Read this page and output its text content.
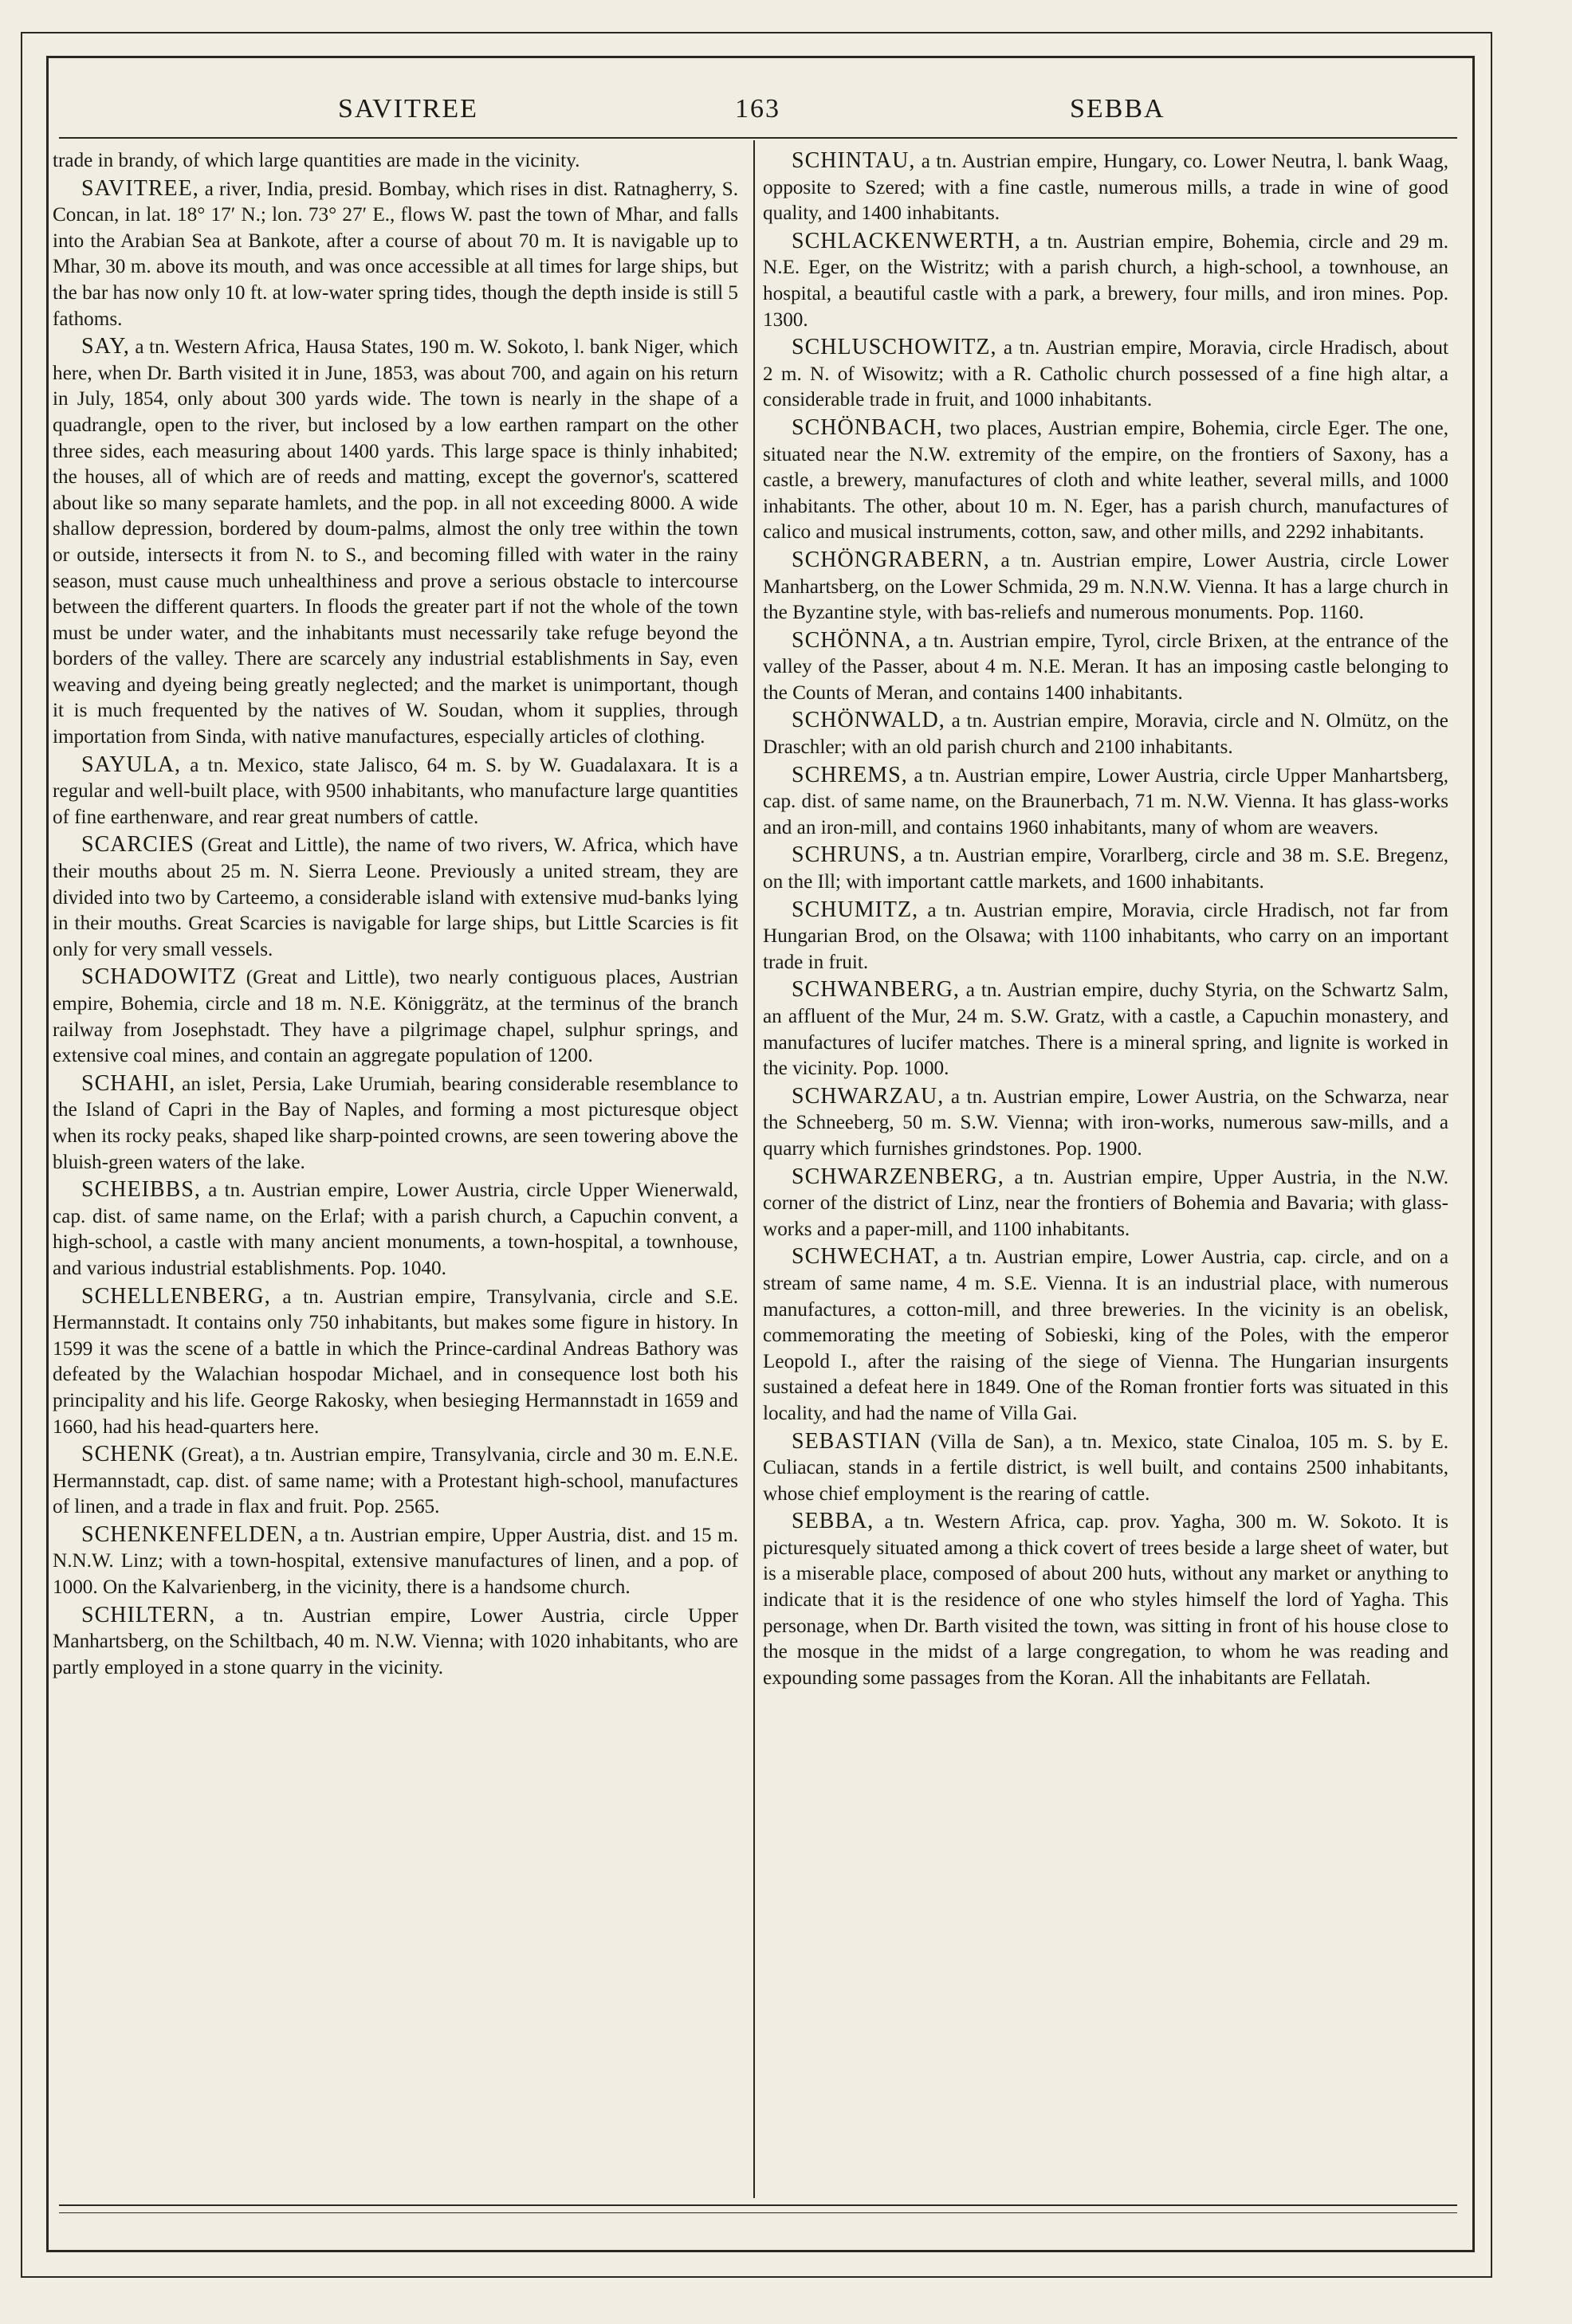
SAVITREE	163	SEBBA

trade in brandy, of which large quantities are made in the vicinity.

SAVITREE, a river, India, presid. Bombay, which rises in dist. Ratnagherry, S. Concan, in lat. 18° 17′ N.; lon. 73° 27′ E., flows W. past the town of Mhar, and falls into the Arabian Sea at Bankote, after a course of about 70 m. It is navigable up to Mhar, 30 m. above its mouth, and was once accessible at all times for large ships, but the bar has now only 10 ft. at low-water spring tides, though the depth inside is still 5 fathoms.

SAY, a tn. Western Africa, Hausa States, 190 m. W. Sokoto, l. bank Niger, which here, when Dr. Barth visited it in June, 1853, was about 700, and again on his return in July, 1854, only about 300 yards wide. The town is nearly in the shape of a quadrangle, open to the river, but inclosed by a low earthen rampart on the other three sides, each measuring about 1400 yards. This large space is thinly inhabited; the houses, all of which are of reeds and matting, except the governor's, scattered about like so many separate hamlets, and the pop. in all not exceeding 8000. A wide shallow depression, bordered by doum-palms, almost the only tree within the town or outside, intersects it from N. to S., and becoming filled with water in the rainy season, must cause much unhealthiness and prove a serious obstacle to intercourse between the different quarters. In floods the greater part if not the whole of the town must be under water, and the inhabitants must necessarily take refuge beyond the borders of the valley. There are scarcely any industrial establishments in Say, even weaving and dyeing being greatly neglected; and the market is unimportant, though it is much frequented by the natives of W. Soudan, whom it supplies, through importation from Sinda, with native manufactures, especially articles of clothing.

SAYULA, a tn. Mexico, state Jalisco, 64 m. S. by W. Guadalaxara. It is a regular and well-built place, with 9500 inhabitants, who manufacture large quantities of fine earthenware, and rear great numbers of cattle.

SCARCIES (Great and Little), the name of two rivers, W. Africa, which have their mouths about 25 m. N. Sierra Leone. Previously a united stream, they are divided into two by Carteemo, a considerable island with extensive mud-banks lying in their mouths. Great Scarcies is navigable for large ships, but Little Scarcies is fit only for very small vessels.

SCHADOWITZ (Great and Little), two nearly contiguous places, Austrian empire, Bohemia, circle and 18 m. N.E. Königgrätz, at the terminus of the branch railway from Josephstadt. They have a pilgrimage chapel, sulphur springs, and extensive coal mines, and contain an aggregate population of 1200.

SCHAHI, an islet, Persia, Lake Urumiah, bearing considerable resemblance to the Island of Capri in the Bay of Naples, and forming a most picturesque object when its rocky peaks, shaped like sharp-pointed crowns, are seen towering above the bluish-green waters of the lake.

SCHEIBBS, a tn. Austrian empire, Lower Austria, circle Upper Wienerwald, cap. dist. of same name, on the Erlaf; with a parish church, a Capuchin convent, a high-school, a castle with many ancient monuments, a town-hospital, a townhouse, and various industrial establishments. Pop. 1040.

SCHELLENBERG, a tn. Austrian empire, Transylvania, circle and S.E. Hermannstadt. It contains only 750 inhabitants, but makes some figure in history. In 1599 it was the scene of a battle in which the Prince-cardinal Andreas Bathory was defeated by the Walachian hospodar Michael, and in consequence lost both his principality and his life. George Rakosky, when besieging Hermannstadt in 1659 and 1660, had his head-quarters here.

SCHENK (Great), a tn. Austrian empire, Transylvania, circle and 30 m. E.N.E. Hermannstadt, cap. dist. of same name; with a Protestant high-school, manufactures of linen, and a trade in flax and fruit. Pop. 2565.

SCHENKENFELDEN, a tn. Austrian empire, Upper Austria, dist. and 15 m. N.N.W. Linz; with a town-hospital, extensive manufactures of linen, and a pop. of 1000. On the Kalvarienberg, in the vicinity, there is a handsome church.

SCHILTERN, a tn. Austrian empire, Lower Austria, circle Upper Manhartsberg, on the Schiltbach, 40 m. N.W. Vienna; with 1020 inhabitants, who are partly employed in a stone quarry in the vicinity.

SCHINTAU, a tn. Austrian empire, Hungary, co. Lower Neutra, l. bank Waag, opposite to Szered; with a fine castle, numerous mills, a trade in wine of good quality, and 1400 inhabitants.

SCHLACKENWERTH, a tn. Austrian empire, Bohemia, circle and 29 m. N.E. Eger, on the Wistritz; with a parish church, a high-school, a townhouse, an hospital, a beautiful castle with a park, a brewery, four mills, and iron mines. Pop. 1300.

SCHLUSCHOWITZ, a tn. Austrian empire, Moravia, circle Hradisch, about 2 m. N. of Wisowitz; with a R. Catholic church possessed of a fine high altar, a considerable trade in fruit, and 1000 inhabitants.

SCHÖNBACH, two places, Austrian empire, Bohemia, circle Eger. The one, situated near the N.W. extremity of the empire, on the frontiers of Saxony, has a castle, a brewery, manufactures of cloth and white leather, several mills, and 1000 inhabitants. The other, about 10 m. N. Eger, has a parish church, manufactures of calico and musical instruments, cotton, saw, and other mills, and 2292 inhabitants.

SCHÖNGRABERN, a tn. Austrian empire, Lower Austria, circle Lower Manhartsberg, on the Lower Schmida, 29 m. N.N.W. Vienna. It has a large church in the Byzantine style, with bas-reliefs and numerous monuments. Pop. 1160.

SCHÖNNA, a tn. Austrian empire, Tyrol, circle Brixen, at the entrance of the valley of the Passer, about 4 m. N.E. Meran. It has an imposing castle belonging to the Counts of Meran, and contains 1400 inhabitants.

SCHÖNWALD, a tn. Austrian empire, Moravia, circle and N. Olmütz, on the Draschler; with an old parish church and 2100 inhabitants.

SCHREMS, a tn. Austrian empire, Lower Austria, circle Upper Manhartsberg, cap. dist. of same name, on the Braunerbach, 71 m. N.W. Vienna. It has glass-works and an iron-mill, and contains 1960 inhabitants, many of whom are weavers.

SCHRUNS, a tn. Austrian empire, Vorarlberg, circle and 38 m. S.E. Bregenz, on the Ill; with important cattle markets, and 1600 inhabitants.

SCHUMITZ, a tn. Austrian empire, Moravia, circle Hradisch, not far from Hungarian Brod, on the Olsawa; with 1100 inhabitants, who carry on an important trade in fruit.

SCHWANBERG, a tn. Austrian empire, duchy Styria, on the Schwartz Salm, an affluent of the Mur, 24 m. S.W. Gratz, with a castle, a Capuchin monastery, and manufactures of lucifer matches. There is a mineral spring, and lignite is worked in the vicinity. Pop. 1000.

SCHWARZAU, a tn. Austrian empire, Lower Austria, on the Schwarza, near the Schneeberg, 50 m. S.W. Vienna; with iron-works, numerous saw-mills, and a quarry which furnishes grindstones. Pop. 1900.

SCHWARZENBERG, a tn. Austrian empire, Upper Austria, in the N.W. corner of the district of Linz, near the frontiers of Bohemia and Bavaria; with glass-works and a paper-mill, and 1100 inhabitants.

SCHWECHAT, a tn. Austrian empire, Lower Austria, cap. circle, and on a stream of same name, 4 m. S.E. Vienna. It is an industrial place, with numerous manufactures, a cotton-mill, and three breweries. In the vicinity is an obelisk, commemorating the meeting of Sobieski, king of the Poles, with the emperor Leopold I., after the raising of the siege of Vienna. The Hungarian insurgents sustained a defeat here in 1849. One of the Roman frontier forts was situated in this locality, and had the name of Villa Gai.

SEBASTIAN (Villa de San), a tn. Mexico, state Cinaloa, 105 m. S. by E. Culiacan, stands in a fertile district, is well built, and contains 2500 inhabitants, whose chief employment is the rearing of cattle.

SEBBA, a tn. Western Africa, cap. prov. Yagha, 300 m. W. Sokoto. It is picturesquely situated among a thick covert of trees beside a large sheet of water, but is a miserable place, composed of about 200 huts, without any market or anything to indicate that it is the residence of one who styles himself the lord of Yagha. This personage, when Dr. Barth visited the town, was sitting in front of his house close to the mosque in the midst of a large congregation, to whom he was reading and expounding some passages from the Koran. All the inhabitants are Fellatah.
